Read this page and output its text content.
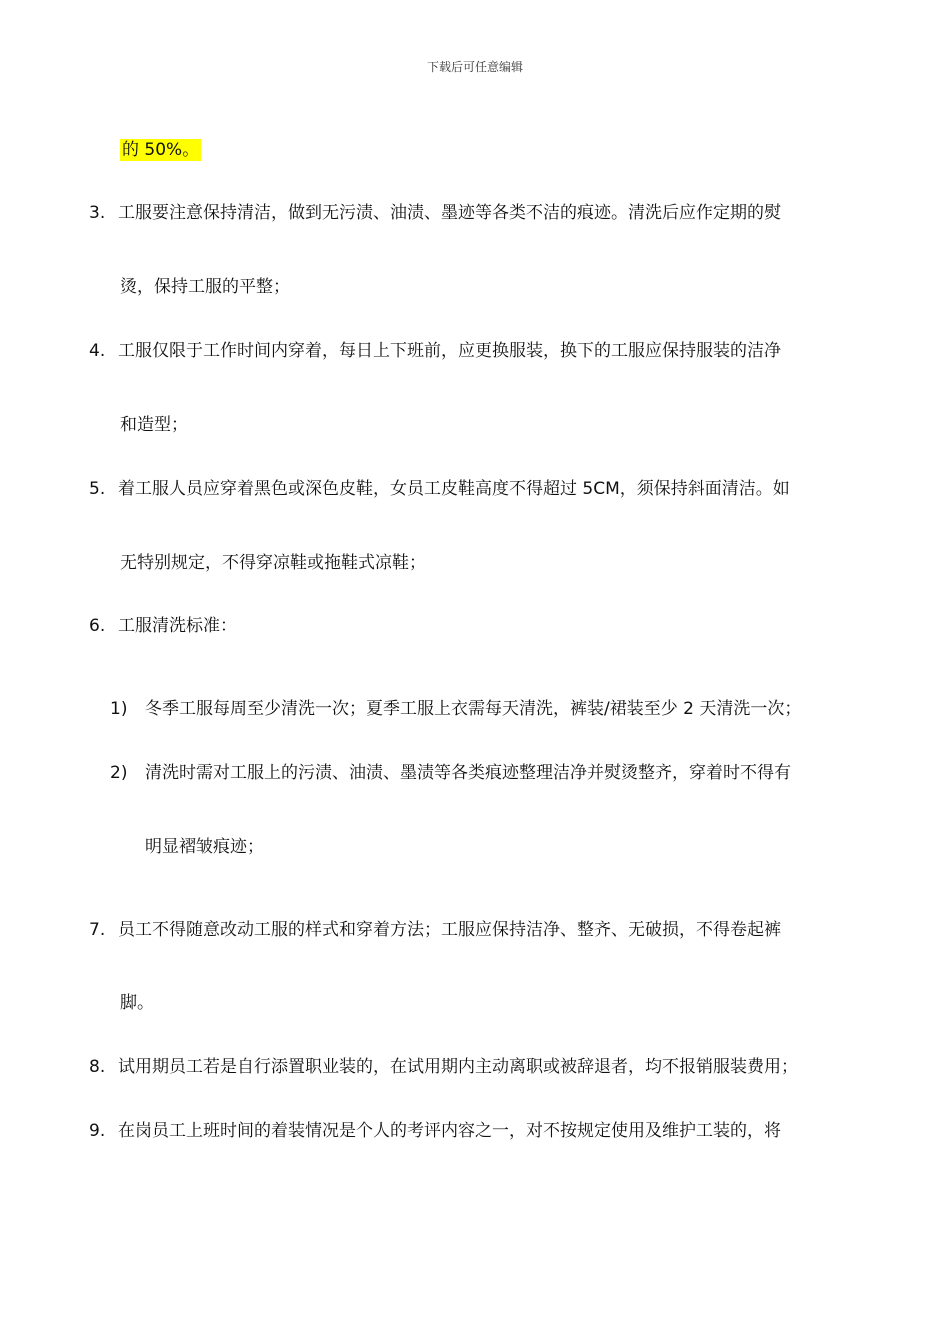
下载后可任意编辑
的 50%。
3. 工服要注意保持清洁，做到无污渍、油渍、墨迹等各类不洁的痕迹。清洗后应作定期的熨
烫，保持工服的平整；
4. 工服仅限于工作时间内穿着，每日上下班前，应更换服装，换下的工服应保持服装的洁净
和造型；
5. 着工服人员应穿着黑色或深色皮鞋，女员工皮鞋高度不得超过 5CM，须保持斜面清洁。如
无特别规定，不得穿凉鞋或拖鞋式凉鞋；
6. 工服清洗标准：
1) 冬季工服每周至少清洗一次；夏季工服上衣需每天清洗，裤装/裙装至少 2 天清洗一次；
2) 清洗时需对工服上的污渍、油渍、墨渍等各类痕迹整理洁净并熨烫整齐，穿着时不得有
明显褶皱痕迹；
7. 员工不得随意改动工服的样式和穿着方法；工服应保持洁净、整齐、无破损，不得卷起裤
脚。
8. 试用期员工若是自行添置职业装的，在试用期内主动离职或被辞退者，均不报销服装费用；
9. 在岗员工上班时间的着装情况是个人的考评内容之一，对不按规定使用及维护工装的，将
